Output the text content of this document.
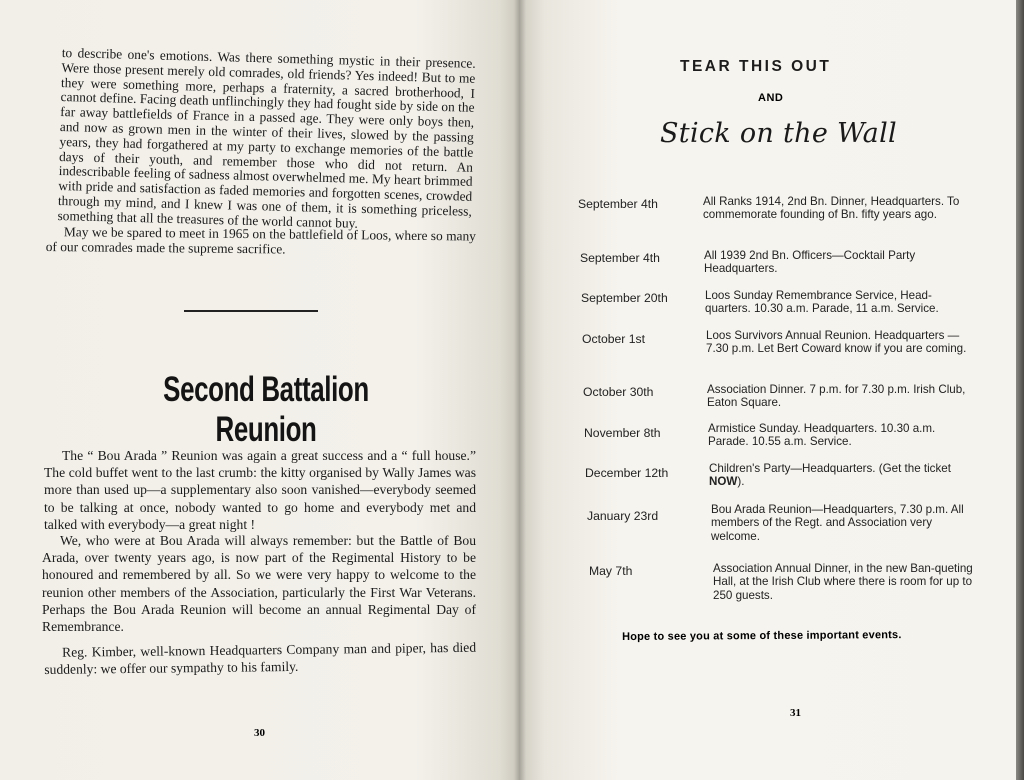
to describe one's emotions. Was there something mystic in their presence. Were those present merely old comrades, old friends? Yes indeed! But to me they were something more, perhaps a fraternity, a sacred brotherhood, I cannot define. Facing death unflinchingly they had fought side by side on the far away battlefields of France in a passed age. They were only boys then, and now as grown men in the winter of their lives, slowed by the passing years, they had forgathered at my party to exchange memories of the battle days of their youth, and remember those who did not return. An indescribable feeling of sadness almost overwhelmed me. My heart brimmed with pride and satisfaction as faded memories and forgotten scenes, crowded through my mind, and I knew I was one of them, it is something priceless, something that all the treasures of the world cannot buy.

May we be spared to meet in 1965 on the battlefield of Loos, where so many of our comrades made the supreme sacrifice.

Second Battalion Reunion

The “ Bou Arada ” Reunion was again a great success and a “ full house.” The cold buffet went to the last crumb: the kitty organised by Wally James was more than used up—a supplementary also soon vanished—everybody seemed to be talking at once, nobody wanted to go home and everybody met and talked with everybody—a great night !

We, who were at Bou Arada will always remember: but the Battle of Bou Arada, over twenty years ago, is now part of the Regimental History to be honoured and remembered by all. So we were very happy to welcome to the reunion other members of the Association, particularly the First War Veterans. Perhaps the Bou Arada Reunion will become an annual Regimental Day of Remembrance.

Reg. Kimber, well-known Headquarters Company man and piper, has died suddenly: we offer our sympathy to his family.

30

TEAR THIS OUT

AND

Stick on the Wall

September 4th	All Ranks 1914, 2nd Bn. Dinner, Headquarters. To commemorate founding of Bn. fifty years ago.

September 4th	All 1939 2nd Bn. Officers—Cocktail Party Headquarters.

September 20th	Loos Sunday Remembrance Service, Head-quarters. 10.30 a.m. Parade, 11 a.m. Service.

October 1st	Loos Survivors Annual Reunion. Headquarters —7.30 p.m. Let Bert Coward know if you are coming.

October 30th	Association Dinner. 7 p.m. for 7.30 p.m. Irish Club, Eaton Square.

November 8th	Armistice Sunday. Headquarters. 10.30 a.m. Parade. 10.55 a.m. Service.

December 12th	Children's Party—Headquarters. (Get the ticket NOW).

January 23rd	Bou Arada Reunion—Headquarters, 7.30 p.m. All members of the Regt. and Association very welcome.

May 7th	Association Annual Dinner, in the new Ban-queting Hall, at the Irish Club where there is room for up to 250 guests.

Hope to see you at some of these important events.

31
